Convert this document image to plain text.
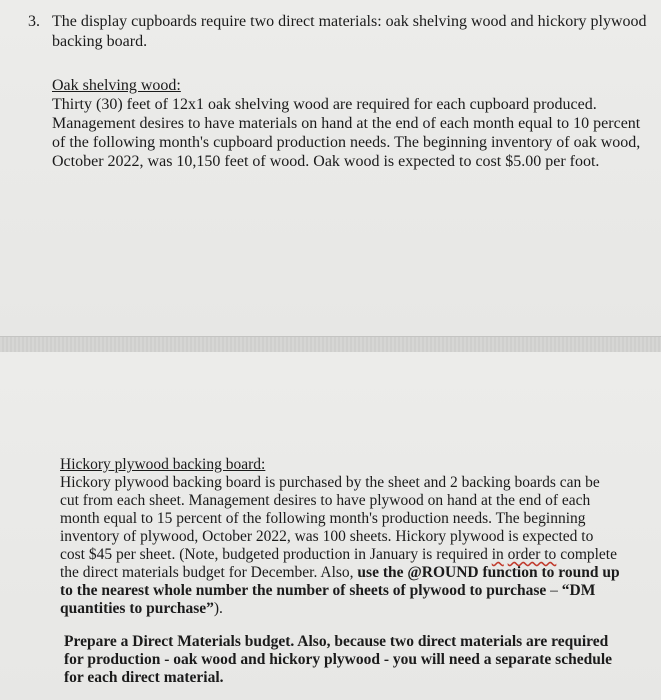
3. The display cupboards require two direct materials: oak shelving wood and hickory plywood backing board.
Oak shelving wood:
Thirty (30) feet of 12x1 oak shelving wood are required for each cupboard produced. Management desires to have materials on hand at the end of each month equal to 10 percent of the following month's cupboard production needs. The beginning inventory of oak wood, October 2022, was 10,150 feet of wood. Oak wood is expected to cost $5.00 per foot.
Hickory plywood backing board:
Hickory plywood backing board is purchased by the sheet and 2 backing boards can be cut from each sheet. Management desires to have plywood on hand at the end of each month equal to 15 percent of the following month's production needs. The beginning inventory of plywood, October 2022, was 100 sheets. Hickory plywood is expected to cost $45 per sheet. (Note, budgeted production in January is required in order to complete the direct materials budget for December. Also, use the @ROUND function to round up to the nearest whole number the number of sheets of plywood to purchase – “DM quantities to purchase”).
Prepare a Direct Materials budget. Also, because two direct materials are required for production - oak wood and hickory plywood - you will need a separate schedule for each direct material.
